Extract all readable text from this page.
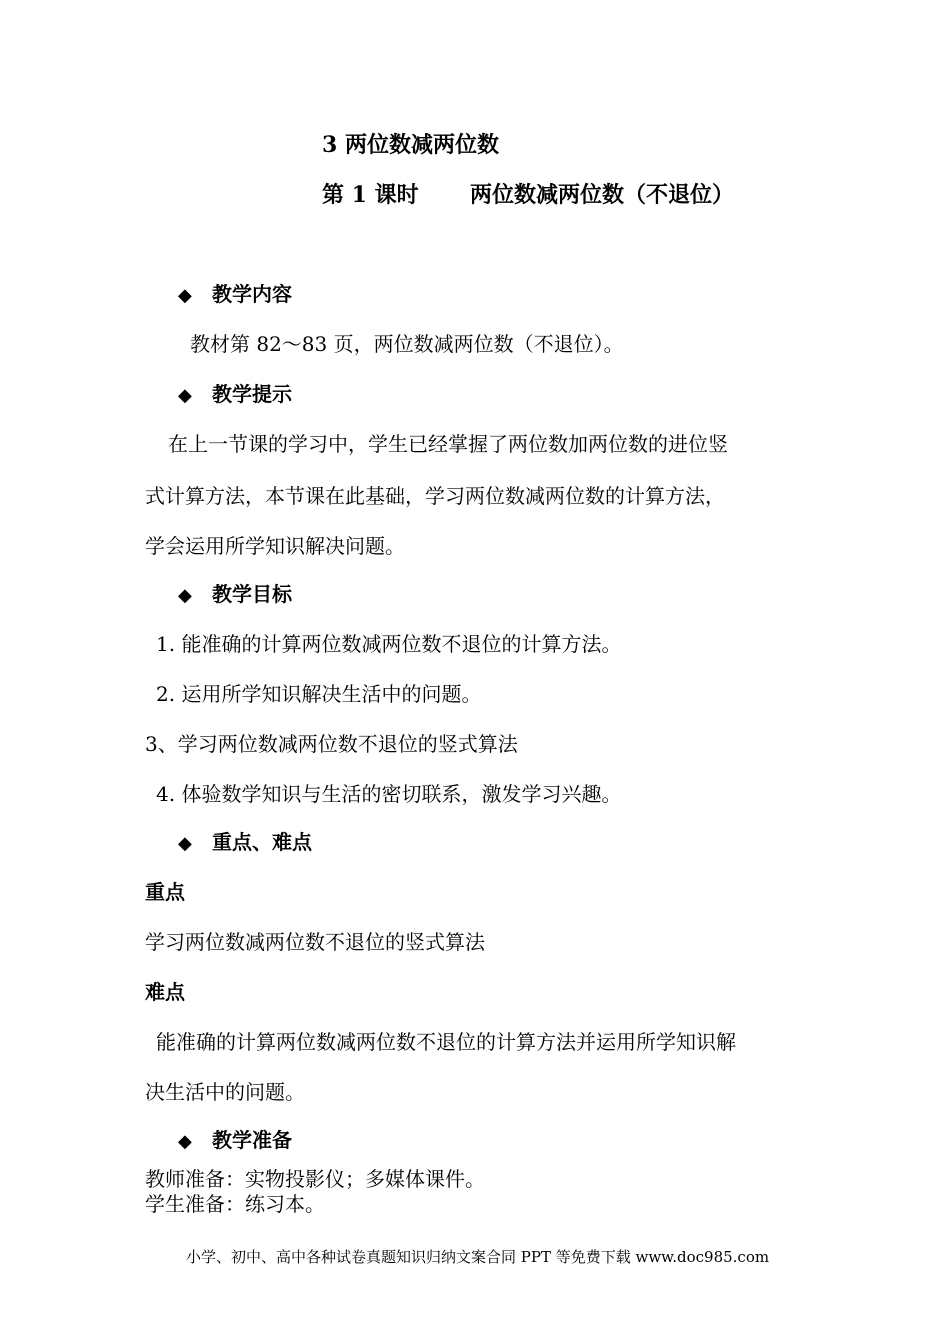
3 两位数减两位数
第 1 课时 两位数减两位数（不退位）
◆ 教学内容
教材第 82～83 页，两位数减两位数（不退位）。
◆ 教学提示
在上一节课的学习中，学生已经掌握了两位数加两位数的进位竖
式计算方法，本节课在此基础，学习两位数减两位数的计算方法，
学会运用所学知识解决问题。
◆ 教学目标
1. 能准确的计算两位数减两位数不退位的计算方法。
2. 运用所学知识解决生活中的问题。
3、学习两位数减两位数不退位的竖式算法
4. 体验数学知识与生活的密切联系，激发学习兴趣。
◆ 重点、难点
重点
学习两位数减两位数不退位的竖式算法
难点
能准确的计算两位数减两位数不退位的计算方法并运用所学知识解
决生活中的问题。
◆ 教学准备
教师准备：实物投影仪；多媒体课件。
学生准备：练习本。
小学、初中、高中各种试卷真题知识归纳文案合同 PPT 等免费下载 www.doc985.com
